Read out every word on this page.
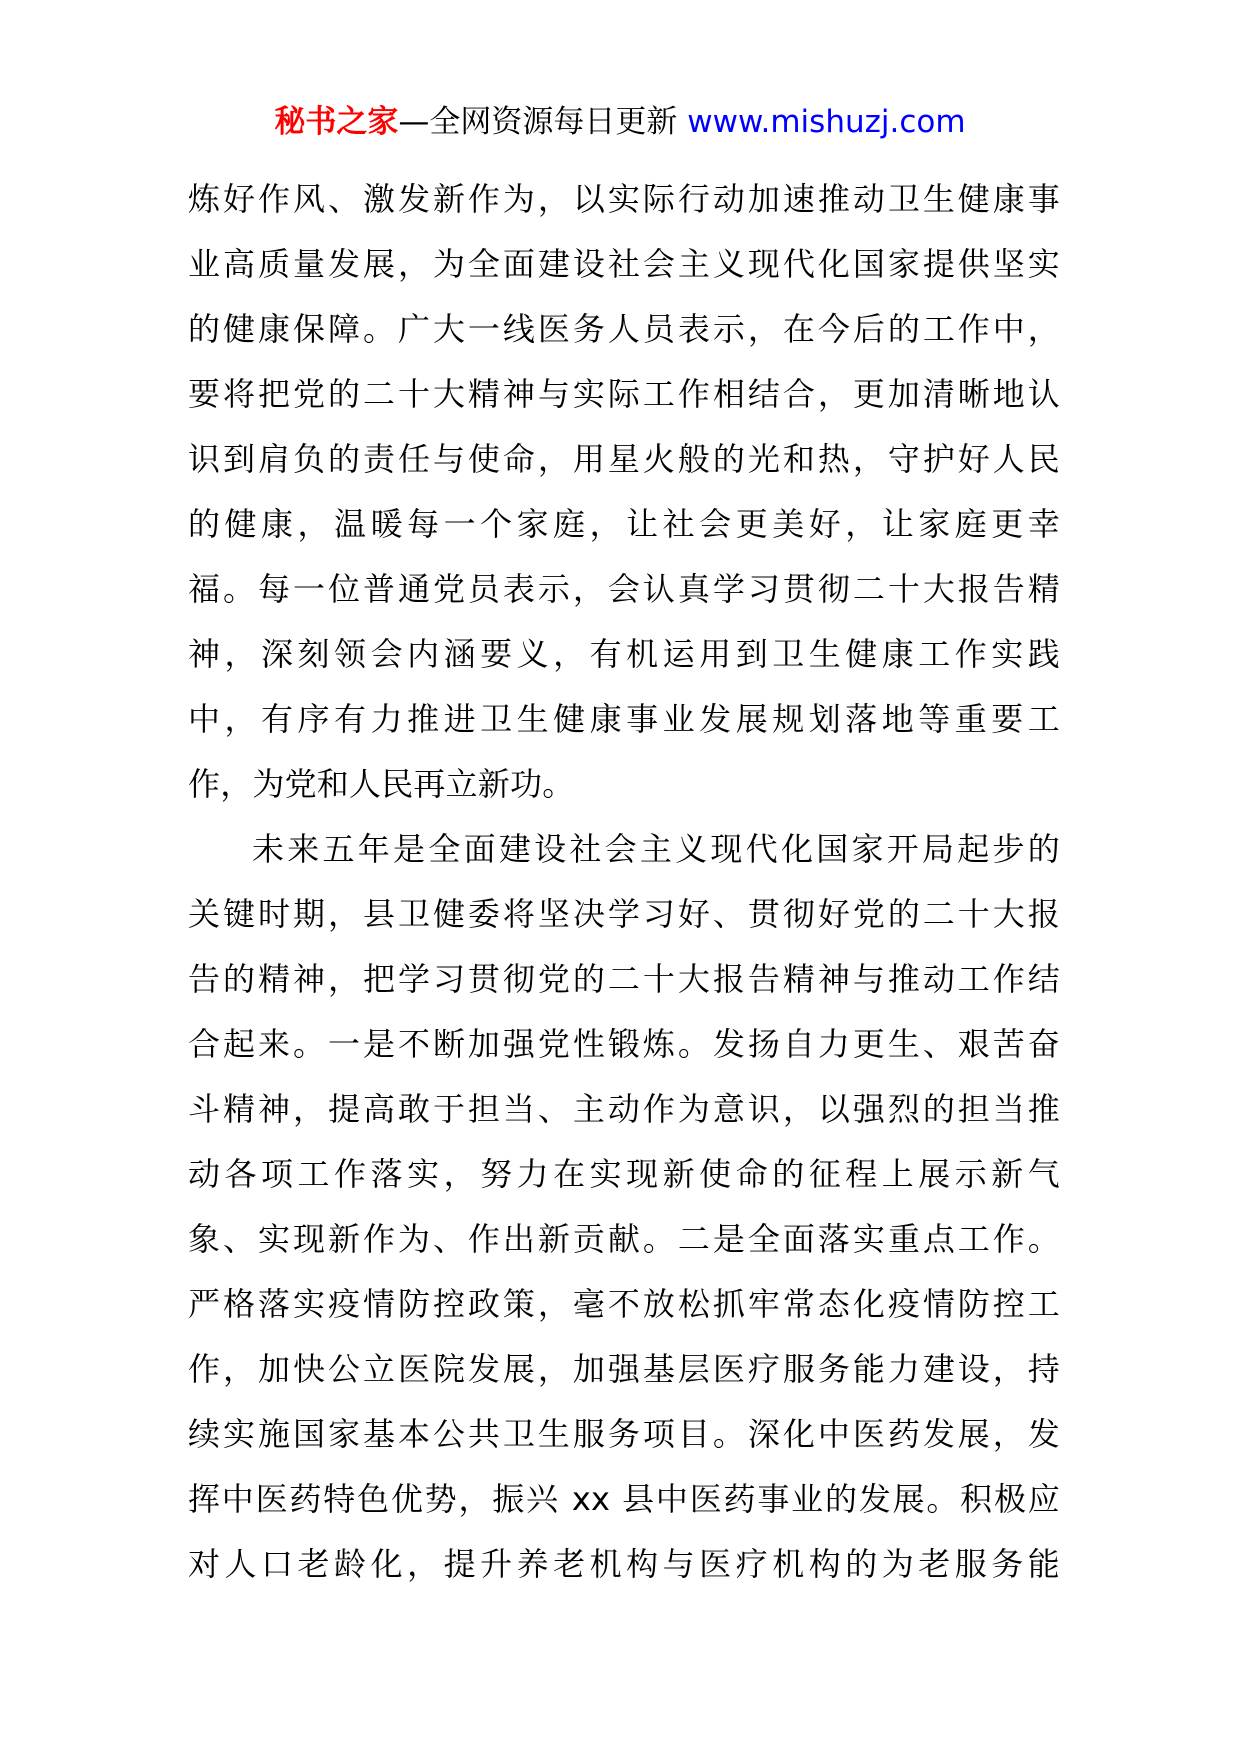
秘书之家—全网资源每日更新 www.mishuzj.com
炼好作风、激发新作为，以实际行动加速推动卫生健康事
业高质量发展，为全面建设社会主义现代化国家提供坚实
的健康保障。广大一线医务人员表示，在今后的工作中，
要将把党的二十大精神与实际工作相结合，更加清晰地认
识到肩负的责任与使命，用星火般的光和热，守护好人民
的健康，温暖每一个家庭，让社会更美好，让家庭更幸
福。每一位普通党员表示，会认真学习贯彻二十大报告精
神，深刻领会内涵要义，有机运用到卫生健康工作实践
中，有序有力推进卫生健康事业发展规划落地等重要工
作，为党和人民再立新功。
未来五年是全面建设社会主义现代化国家开局起步的
关键时期，县卫健委将坚决学习好、贯彻好党的二十大报
告的精神，把学习贯彻党的二十大报告精神与推动工作结
合起来。一是不断加强党性锻炼。发扬自力更生、艰苦奋
斗精神，提高敢于担当、主动作为意识，以强烈的担当推
动各项工作落实，努力在实现新使命的征程上展示新气
象、实现新作为、作出新贡献。二是全面落实重点工作。
严格落实疫情防控政策，毫不放松抓牢常态化疫情防控工
作，加快公立医院发展，加强基层医疗服务能力建设，持
续实施国家基本公共卫生服务项目。深化中医药发展，发
挥中医药特色优势，振兴 xx 县中医药事业的发展。积极应
对人口老龄化，提升养老机构与医疗机构的为老服务能
